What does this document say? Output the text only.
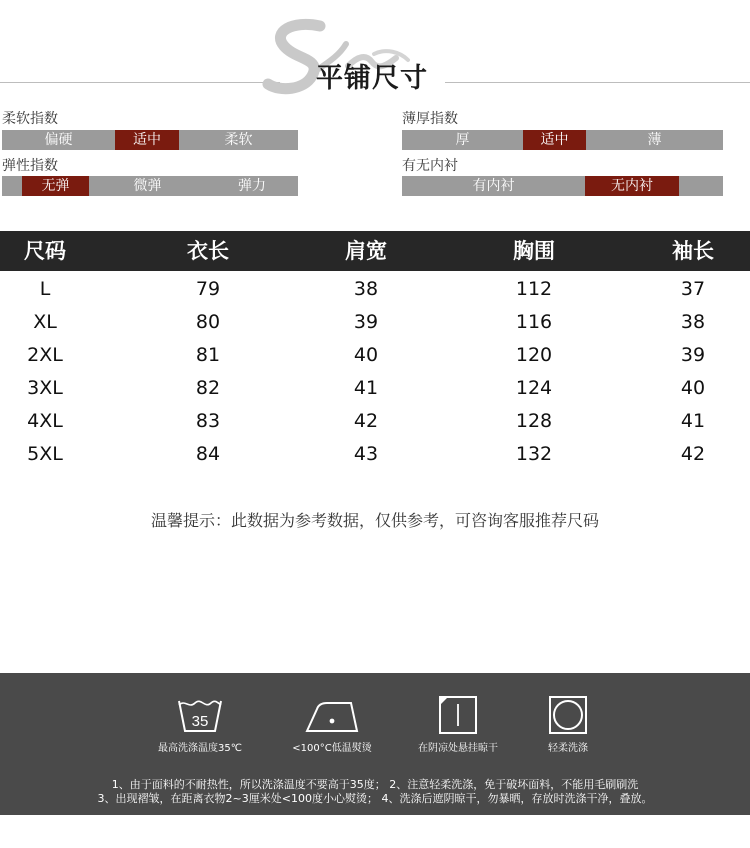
平铺尺寸
柔软指数
偏硬	适中	柔软
薄厚指数
厚	适中	薄
弹性指数
无弹	微弹	弹力
有无内衬
有内衬	无内衬
尺码	衣长	肩宽	胸围	袖长
L	79	38	112	37
XL	80	39	116	38
2XL	81	40	120	39
3XL	82	41	124	40
4XL	83	42	128	41
5XL	84	43	132	42
温馨提示：此数据为参考数据，仅供参考，可咨询客服推荐尺码
35
最高洗涤温度35℃	<100°C低温熨烫	在阴凉处悬挂晾干	轻柔洗涤
1、由于面料的不耐热性，所以洗涤温度不要高于35度； 2、注意轻柔洗涤，免于破坏面料，不能用毛刷刷洗
3、出现褶皱，在距离衣物2~3厘米处<100度小心熨烫； 4、洗涤后遮阴晾干，勿暴晒，存放时洗涤干净，叠放。
